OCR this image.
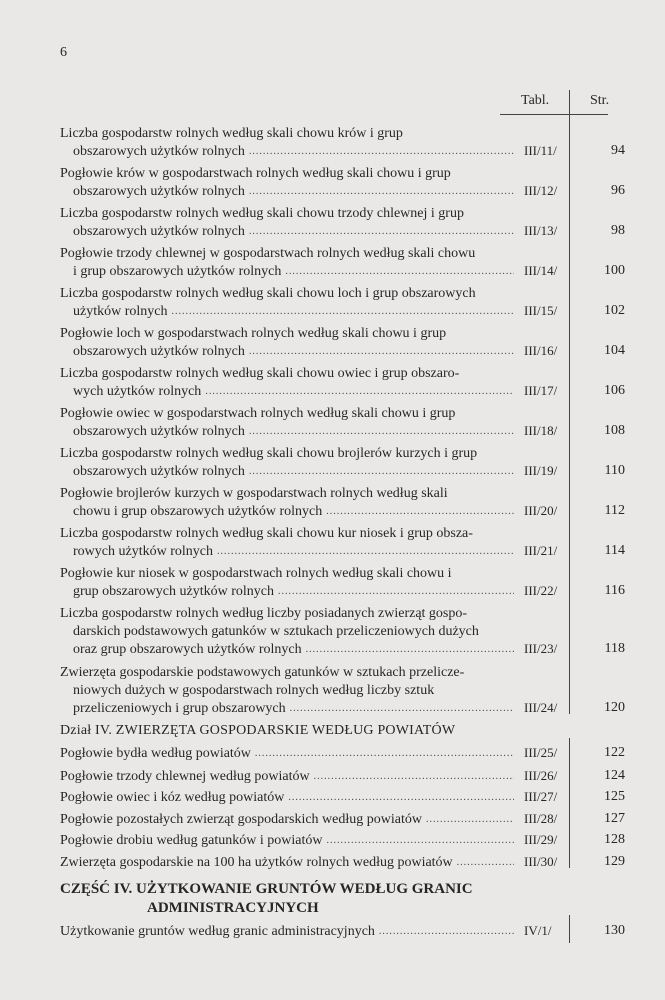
6
Tabl.	Str.
Liczba gospodarstw rolnych według skali chowu krów i grup
obszarowych użytków rolnych .....	III/11/	94
Pogłowie krów w gospodarstwach rolnych według skali chowu i grup
obszarowych użytków rolnych .....	III/12/	96
Liczba gospodarstw rolnych według skali chowu trzody chlewnej i grup
obszarowych użytków rolnych .....	III/13/	98
Pogłowie trzody chlewnej w gospodarstwach rolnych według skali chowu
i grup obszarowych użytków rolnych .....	III/14/	100
Liczba gospodarstw rolnych według skali chowu loch i grup obszarowych
użytków rolnych .....	III/15/	102
Pogłowie loch w gospodarstwach rolnych według skali chowu i grup
obszarowych użytków rolnych .....	III/16/	104
Liczba gospodarstw rolnych według skali chowu owiec i grup obszaro-
wych użytków rolnych .....	III/17/	106
Pogłowie owiec w gospodarstwach rolnych według skali chowu i grup
obszarowych użytków rolnych .....	III/18/	108
Liczba gospodarstw rolnych według skali chowu brojlerów kurzych i grup
obszarowych użytków rolnych .....	III/19/	110
Pogłowie brojlerów kurzych w gospodarstwach rolnych według skali
chowu i grup obszarowych użytków rolnych .....	III/20/	112
Liczba gospodarstw rolnych według skali chowu kur niosek i grup obsza-
rowych użytków rolnych .....	III/21/	114
Pogłowie kur niosek w gospodarstwach rolnych według skali chowu i
grup obszarowych użytków rolnych .....	III/22/	116
Liczba gospodarstw rolnych według liczby posiadanych zwierząt gospo-
darskich podstawowych gatunków w sztukach przeliczeniowych dużych
oraz grup obszarowych użytków rolnych .....	III/23/	118
Zwierzęta gospodarskie podstawowych gatunków w sztukach przelicze-
niowych dużych w gospodarstwach rolnych według liczby sztuk
przeliczeniowych i grup obszarowych .....	III/24/	120
Pogłowie bydła według powiatów .....	III/25/	122
Pogłowie trzody chlewnej według powiatów .....	III/26/	124
Pogłowie owiec i kóz według powiatów .....	III/27/	125
Pogłowie pozostałych zwierząt gospodarskich według powiatów .....	III/28/	127
Pogłowie drobiu według gatunków i powiatów .....	III/29/	128
Zwierzęta gospodarskie na 100 ha użytków rolnych według powiatów .....	III/30/	129
Użytkowanie gruntów według granic administracyjnych .....	IV/1/	130
Dział IV. ZWIERZĘTA GOSPODARSKIE WEDŁUG POWIATÓW
CZĘŚĆ IV. UŻYTKOWANIE GRUNTÓW WEDŁUG GRANIC
ADMINISTRACYJNYCH
